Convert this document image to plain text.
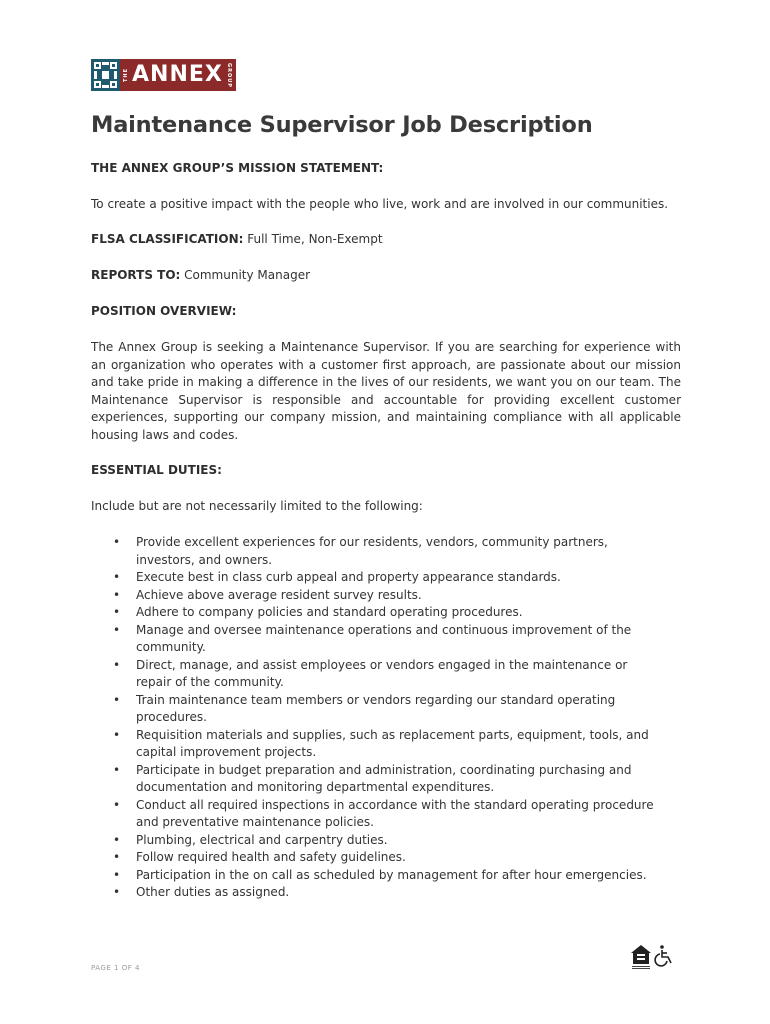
THE ANNEX GROUP
Maintenance Supervisor Job Description
THE ANNEX GROUP’S MISSION STATEMENT:
To create a positive impact with the people who live, work and are involved in our communities.
FLSA CLASSIFICATION: Full Time, Non-Exempt
REPORTS TO: Community Manager
POSITION OVERVIEW:
The Annex Group is seeking a Maintenance Supervisor. If you are searching for experience with an organization who operates with a customer first approach, are passionate about our mission and take pride in making a difference in the lives of our residents, we want you on our team. The Maintenance Supervisor is responsible and accountable for providing excellent customer experiences, supporting our company mission, and maintaining compliance with all applicable housing laws and codes.
ESSENTIAL DUTIES:
Include but are not necessarily limited to the following:
• Provide excellent experiences for our residents, vendors, community partners, investors, and owners.
• Execute best in class curb appeal and property appearance standards.
• Achieve above average resident survey results.
• Adhere to company policies and standard operating procedures.
• Manage and oversee maintenance operations and continuous improvement of the community.
• Direct, manage, and assist employees or vendors engaged in the maintenance or repair of the community.
• Train maintenance team members or vendors regarding our standard operating procedures.
• Requisition materials and supplies, such as replacement parts, equipment, tools, and capital improvement projects.
• Participate in budget preparation and administration, coordinating purchasing and documentation and monitoring departmental expenditures.
• Conduct all required inspections in accordance with the standard operating procedure and preventative maintenance policies.
• Plumbing, electrical and carpentry duties.
• Follow required health and safety guidelines.
• Participation in the on call as scheduled by management for after hour emergencies.
• Other duties as assigned.
PAGE 1 OF 4
